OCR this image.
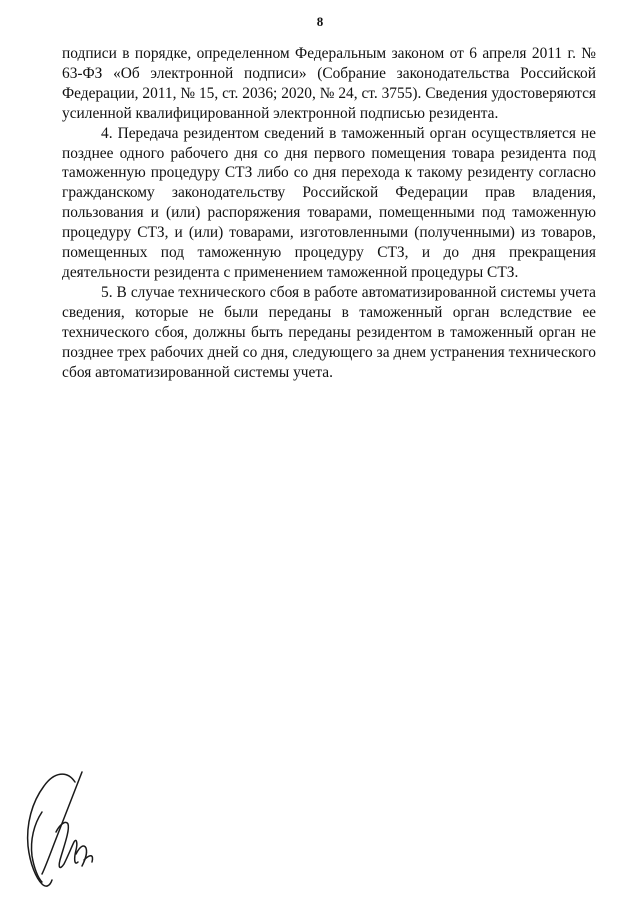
8

подписи в порядке, определенном Федеральным законом от 6 апреля 2011 г. № 63-ФЗ «Об электронной подписи» (Собрание законодательства Российской Федерации, 2011, № 15, ст. 2036; 2020, № 24, ст. 3755). Сведения удостоверяются усиленной квалифицированной электронной подписью резидента.

4. Передача резидентом сведений в таможенный орган осуществляется не позднее одного рабочего дня со дня первого помещения товара резидента под таможенную процедуру СТЗ либо со дня перехода к такому резиденту согласно гражданскому законодательству Российской Федерации прав владения, пользования и (или) распоряжения товарами, помещенными под таможенную процедуру СТЗ, и (или) товарами, изготовленными (полученными) из товаров, помещенных под таможенную процедуру СТЗ, и до дня прекращения деятельности резидента с применением таможенной процедуры СТЗ.

5. В случае технического сбоя в работе автоматизированной системы учета сведения, которые не были переданы в таможенный орган вследствие ее технического сбоя, должны быть переданы резидентом в таможенный орган не позднее трех рабочих дней со дня, следующего за днем устранения технического сбоя автоматизированной системы учета.
